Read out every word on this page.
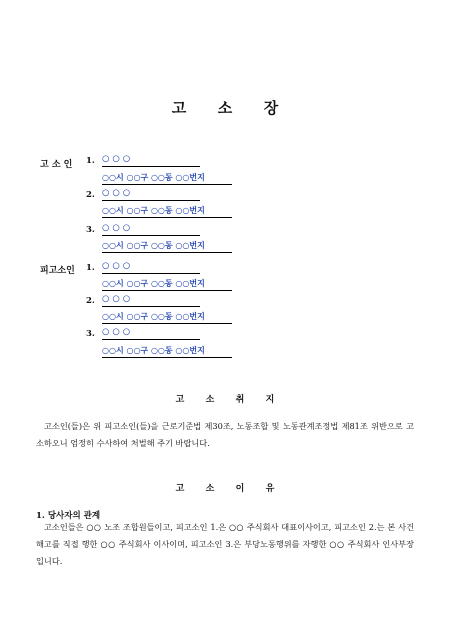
고 소 장
고 소 인 1. ○ ○ ○
○○시 ○○구 ○○동 ○○번지
2. ○ ○ ○
○○시 ○○구 ○○동 ○○번지
3. ○ ○ ○
○○시 ○○구 ○○동 ○○번지
피고소인 1. ○ ○ ○
○○시 ○○구 ○○동 ○○번지
2. ○ ○ ○
○○시 ○○구 ○○동 ○○번지
3. ○ ○ ○
○○시 ○○구 ○○동 ○○번지
고 소 취 지
고소인(들)은 위 피고소인(들)을 근로기준법 제30조, 노동조합 및 노동관계조정법 제81조 위반으로 고소하오니 엄정히 수사하여 처벌해 주기 바랍니다.
고 소 이 유
1. 당사자의 관계
고소인들은 ○○ 노조 조합원들이고, 피고소인 1.은 ○○ 주식회사 대표이사이고, 피고소인 2.는 본 사건 해고를 직접 행한 ○○ 주식회사 이사이며, 피고소인 3.은 부당노동행위를 자행한 ○○ 주식회사 인사부장 입니다.
